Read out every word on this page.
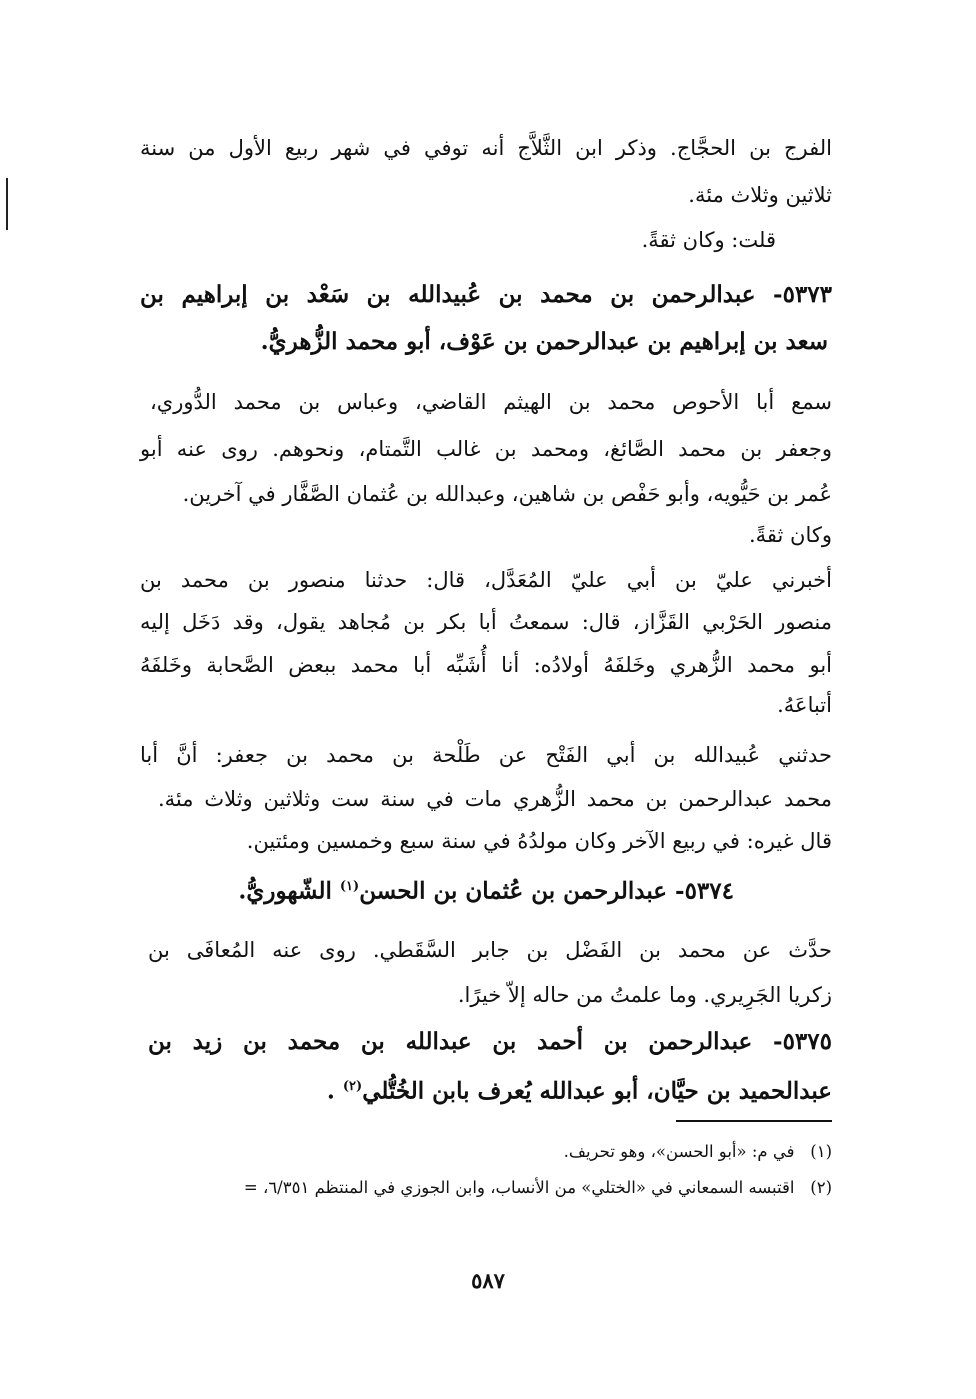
الفرج بن الحجَّاج. وذكر ابن الثَّلاَّج أنه توفي في شهر ربيع الأول من سنة
ثلاثين وثلاث مئة.
قلت: وكان ثقةً.
٥٣٧٣- عبدالرحمن بن محمد بن عُبيدالله بن سَعْد بن إبراهيم بن
سعد بن إبراهيم بن عبدالرحمن بن عَوْف، أبو محمد الزُّهريُّ.
سمع أبا الأحوص محمد بن الهيثم القاضي، وعباس بن محمد الدُّوري،
وجعفر بن محمد الصَّائغ، ومحمد بن غالب التَّمتام، ونحوهم. روى عنه أبو
عُمر بن حَيُّويه، وأبو حَفْص بن شاهين، وعبدالله بن عُثمان الصَّفَّار في آخرين.
وكان ثقةً.
أخبرني عليّ بن أبي عليّ المُعَدَّل، قال: حدثنا منصور بن محمد بن
منصور الحَرْبي القَزَّاز، قال: سمعتُ أبا بكر بن مُجاهد يقول، وقد دَخَل إليه
أبو محمد الزُّهري وخَلفَهُ أولادُه: أنا أُشَبِّه أبا محمد ببعض الصَّحابة وخَلفَهُ
أتباعَهُ.
حدثني عُبيدالله بن أبي الفَتْح عن طَلْحة بن محمد بن جعفر: أنَّ أبا
محمد عبدالرحمن بن محمد الزُّهري مات في سنة ست وثلاثين وثلاث مئة.
قال غيره: في ربيع الآخر وكان مولدُهُ في سنة سبع وخمسين ومئتين.
٥٣٧٤- عبدالرحمن بن عُثمان بن الحسن$^{(١)}$ الشّهوريُّ.
حدَّث عن محمد بن الفَضْل بن جابر السَّقَطي. روى عنه المُعافَى بن
زكريا الجَرِيري. وما علمتُ من حاله إلاّ خيرًا.
٥٣٧٥- عبدالرحمن بن أحمد بن عبدالله بن محمد بن زيد بن
عبدالحميد بن حيَّان، أبو عبدالله يُعرف بابن الخُتُّلي$^{(٢)}$ .
(١)   في م: «أبو الحسن»، وهو تحريف.
(٢)   اقتبسه السمعاني في «الختلي» من الأنساب، وابن الجوزي في المنتظم ٦/٣٥١، =
٥٨٧
